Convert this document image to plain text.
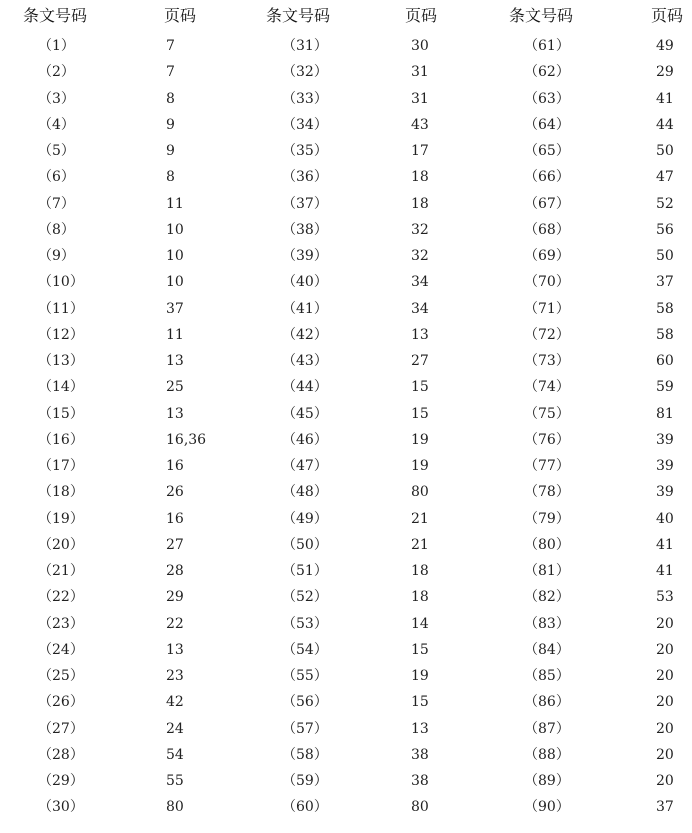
条文号码	页码	条文号码	页码	条文号码	页码
（1）	7	（31）	30	（61）	49
（2）	7	（32）	31	（62）	29
（3）	8	（33）	31	（63）	41
（4）	9	（34）	43	（64）	44
（5）	9	（35）	17	（65）	50
（6）	8	（36）	18	（66）	47
（7）	11	（37）	18	（67）	52
（8）	10	（38）	32	（68）	56
（9）	10	（39）	32	（69）	50
（10）	10	（40）	34	（70）	37
（11）	37	（41）	34	（71）	58
（12）	11	（42）	13	（72）	58
（13）	13	（43）	27	（73）	60
（14）	25	（44）	15	（74）	59
（15）	13	（45）	15	（75）	81
（16）	16,36	（46）	19	（76）	39
（17）	16	（47）	19	（77）	39
（18）	26	（48）	80	（78）	39
（19）	16	（49）	21	（79）	40
（20）	27	（50）	21	（80）	41
（21）	28	（51）	18	（81）	41
（22）	29	（52）	18	（82）	53
（23）	22	（53）	14	（83）	20
（24）	13	（54）	15	（84）	20
（25）	23	（55）	19	（85）	20
（26）	42	（56）	15	（86）	20
（27）	24	（57）	13	（87）	20
（28）	54	（58）	38	（88）	20
（29）	55	（59）	38	（89）	20
（30）	80	（60）	80	（90）	37
